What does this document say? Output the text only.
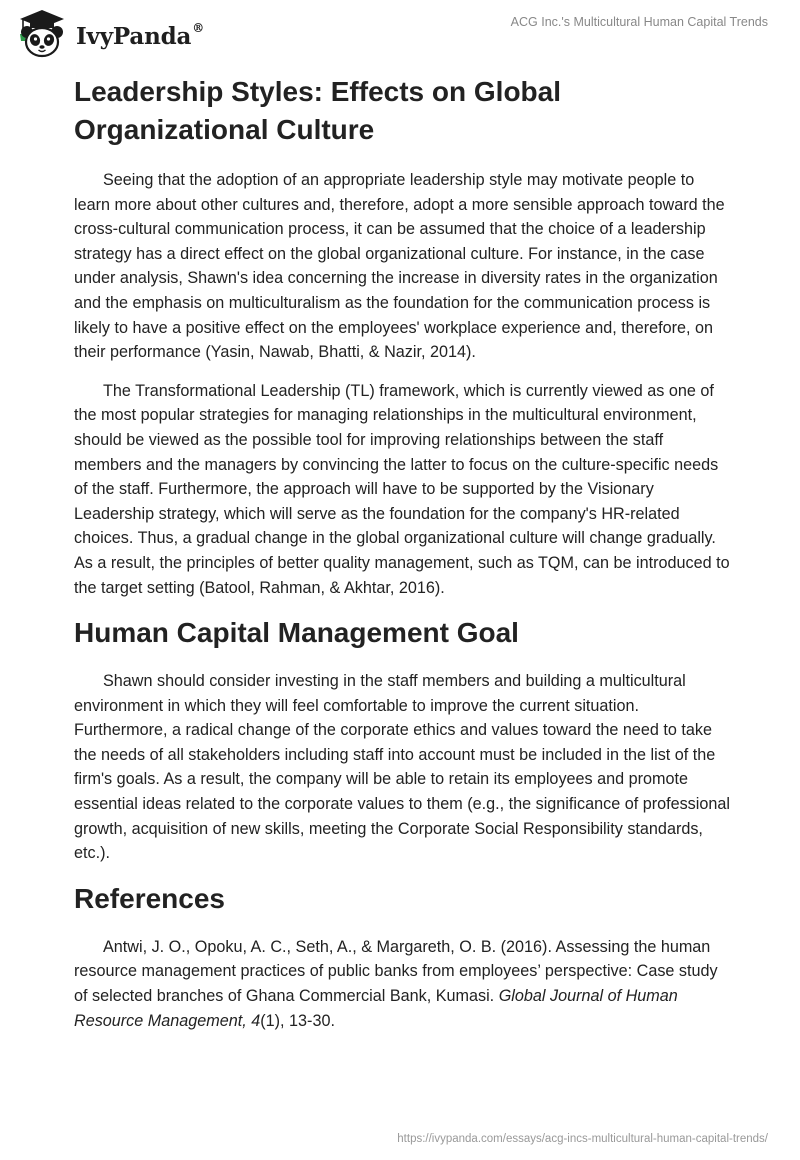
IvyPanda®	ACG Inc.'s Multicultural Human Capital Trends
Leadership Styles: Effects on Global Organizational Culture

Seeing that the adoption of an appropriate leadership style may motivate people to learn more about other cultures and, therefore, adopt a more sensible approach toward the cross-cultural communication process, it can be assumed that the choice of a leadership strategy has a direct effect on the global organizational culture. For instance, in the case under analysis, Shawn's idea concerning the increase in diversity rates in the organization and the emphasis on multiculturalism as the foundation for the communication process is likely to have a positive effect on the employees' workplace experience and, therefore, on their performance (Yasin, Nawab, Bhatti, & Nazir, 2014).

The Transformational Leadership (TL) framework, which is currently viewed as one of the most popular strategies for managing relationships in the multicultural environment, should be viewed as the possible tool for improving relationships between the staff members and the managers by convincing the latter to focus on the culture-specific needs of the staff. Furthermore, the approach will have to be supported by the Visionary Leadership strategy, which will serve as the foundation for the company's HR-related choices. Thus, a gradual change in the global organizational culture will change gradually. As a result, the principles of better quality management, such as TQM, can be introduced to the target setting (Batool, Rahman, & Akhtar, 2016).

Human Capital Management Goal

Shawn should consider investing in the staff members and building a multicultural environment in which they will feel comfortable to improve the current situation. Furthermore, a radical change of the corporate ethics and values toward the need to take the needs of all stakeholders including staff into account must be included in the list of the firm's goals. As a result, the company will be able to retain its employees and promote essential ideas related to the corporate values to them (e.g., the significance of professional growth, acquisition of new skills, meeting the Corporate Social Responsibility standards, etc.).

References

Antwi, J. O., Opoku, A. C., Seth, A., & Margareth, O. B. (2016). Assessing the human resource management practices of public banks from employees’ perspective: Case study of selected branches of Ghana Commercial Bank, Kumasi. Global Journal of Human Resource Management, 4(1), 13-30.

https://ivypanda.com/essays/acg-incs-multicultural-human-capital-trends/
